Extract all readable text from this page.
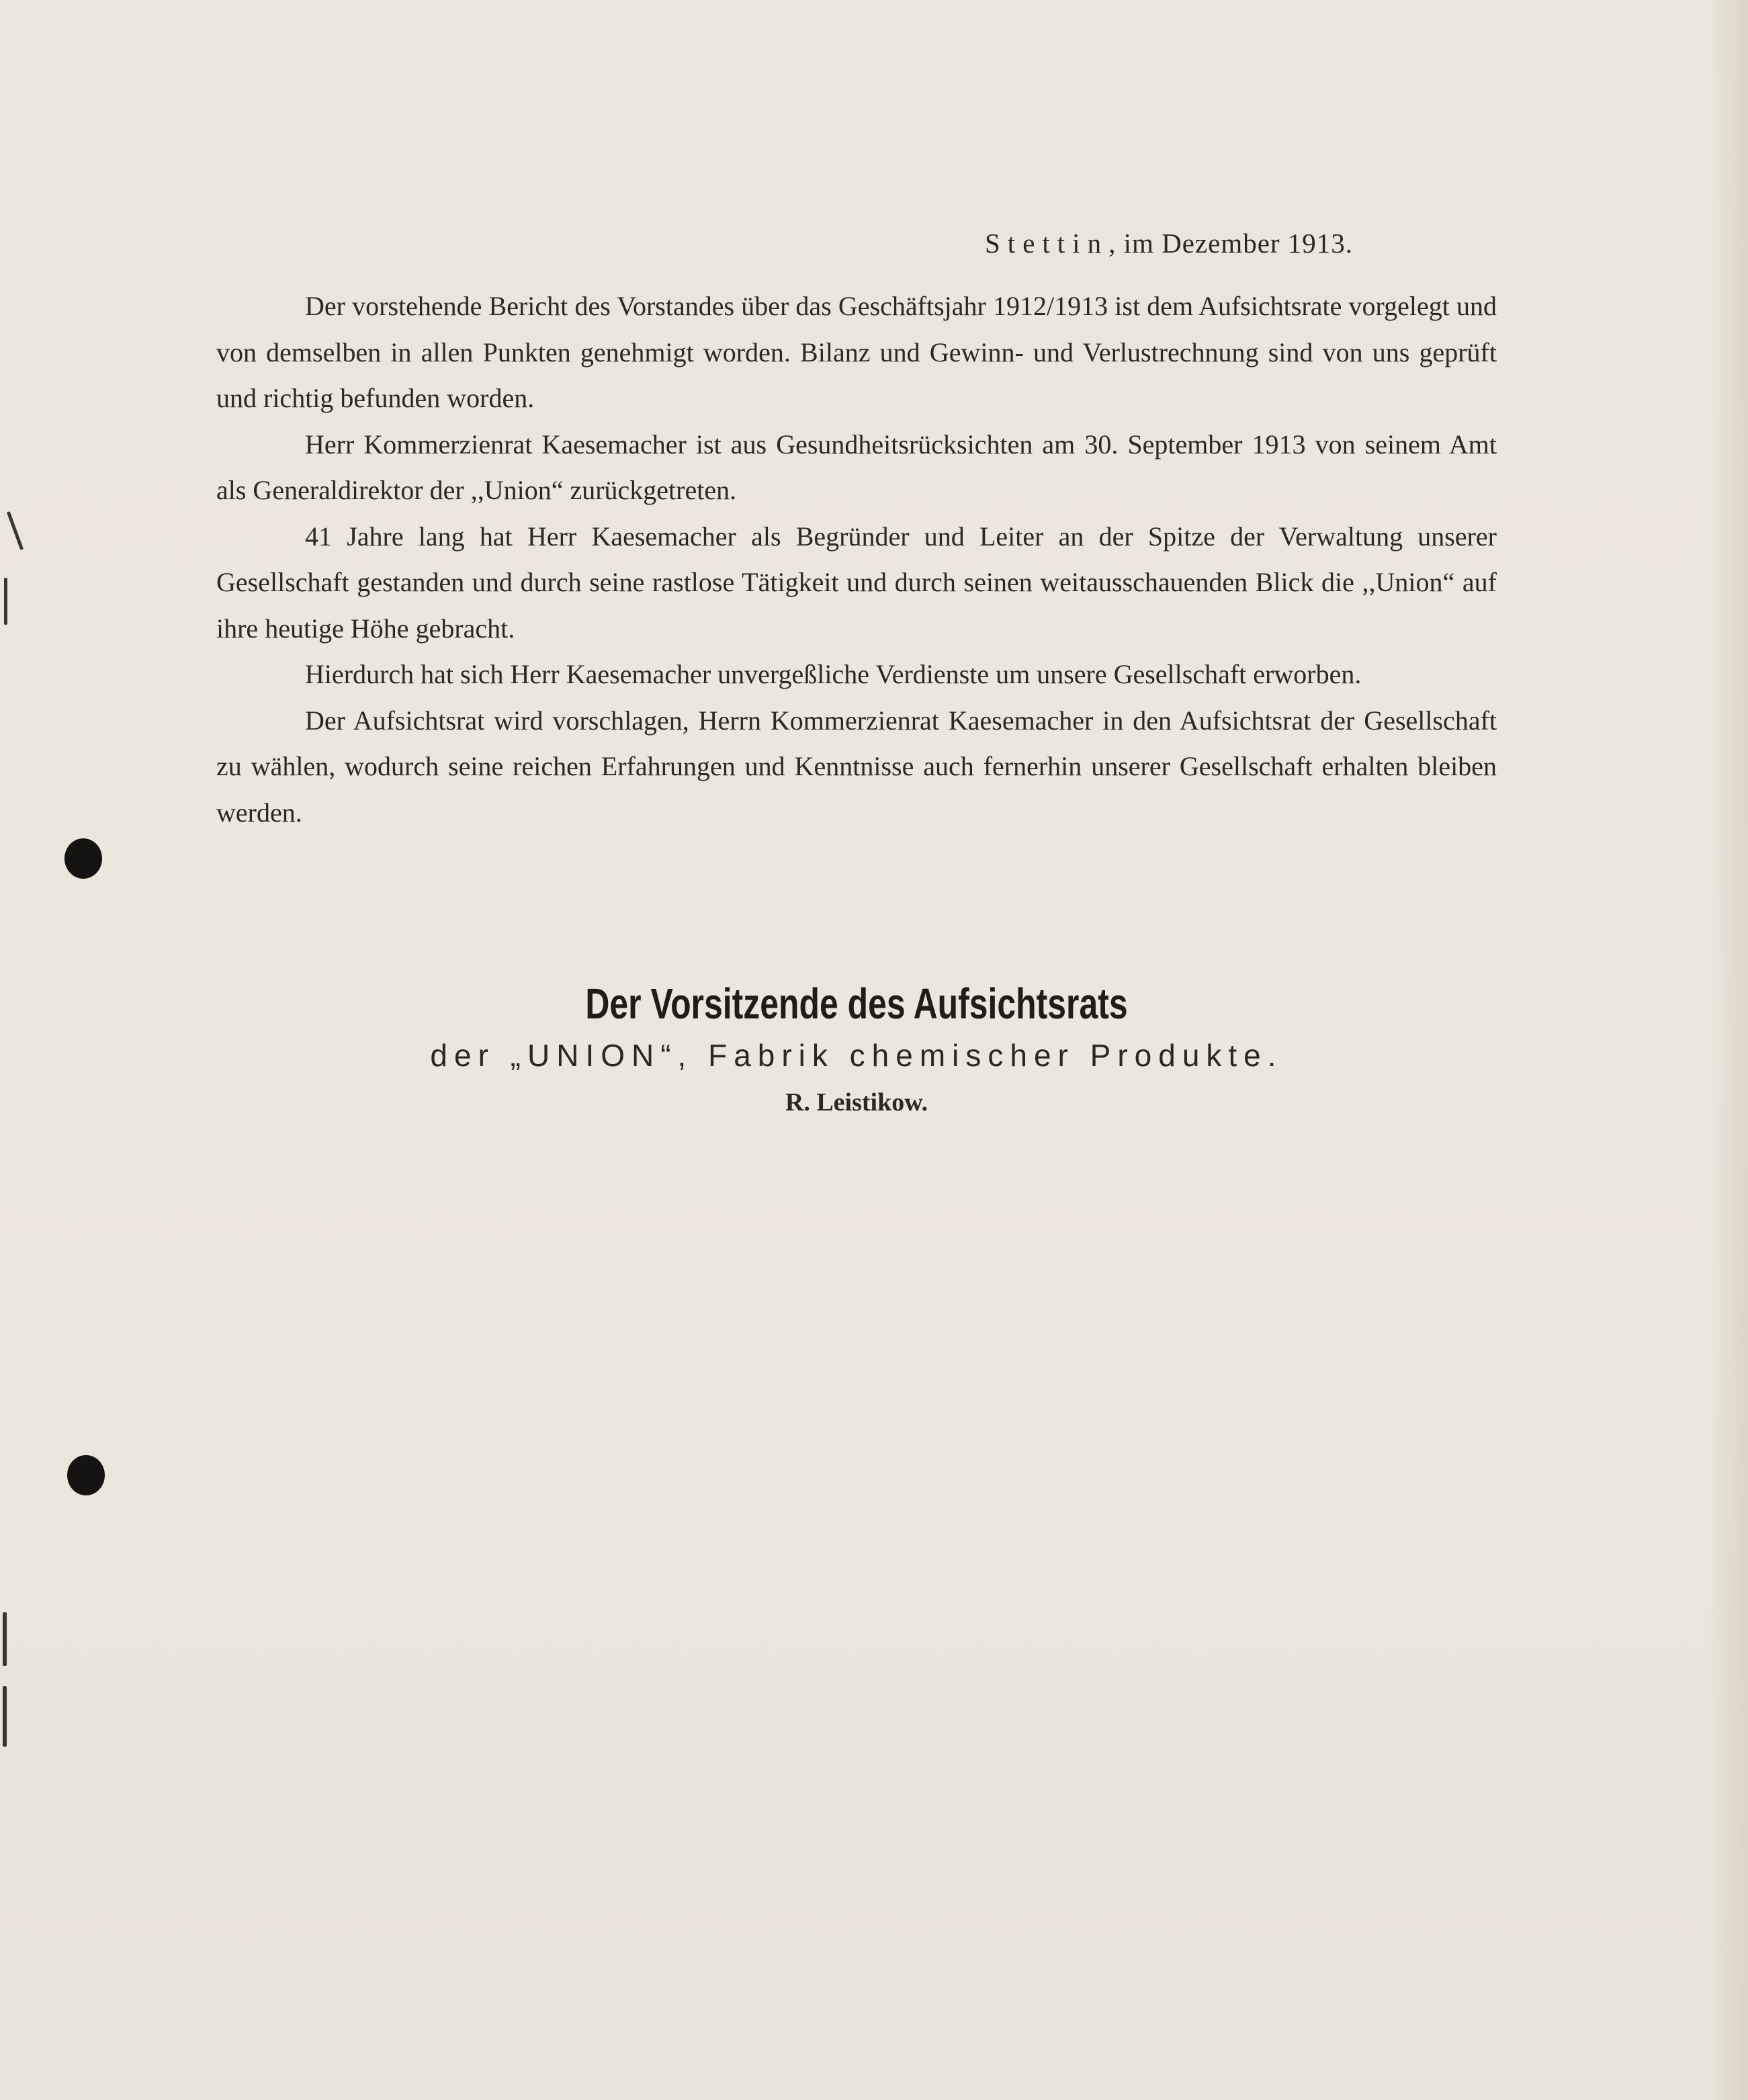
Stettin, im Dezember 1913.

Der vorstehende Bericht des Vorstandes über das Geschäftsjahr 1912/1913 ist dem Aufsichtsrate vorgelegt und von demselben in allen Punkten genehmigt worden. Bilanz und Gewinn- und Verlustrechnung sind von uns geprüft und richtig befunden worden.

Herr Kommerzienrat Kaesemacher ist aus Gesundheitsrücksichten am 30. September 1913 von seinem Amt als Generaldirektor der ,,Union“ zurückgetreten.

41 Jahre lang hat Herr Kaesemacher als Begründer und Leiter an der Spitze der Verwaltung unserer Gesellschaft gestanden und durch seine rastlose Tätigkeit und durch seinen weitausschauenden Blick die ,,Union“ auf ihre heutige Höhe gebracht.

Hierdurch hat sich Herr Kaesemacher unvergeßliche Verdienste um unsere Gesellschaft erworben.

Der Aufsichtsrat wird vorschlagen, Herrn Kommerzienrat Kaesemacher in den Aufsichtsrat der Gesellschaft zu wählen, wodurch seine reichen Erfahrungen und Kenntnisse auch fernerhin unserer Gesellschaft erhalten bleiben werden.

Der Vorsitzende des Aufsichtsrats
der „UNION“, Fabrik chemischer Produkte.
R. Leistikow.
